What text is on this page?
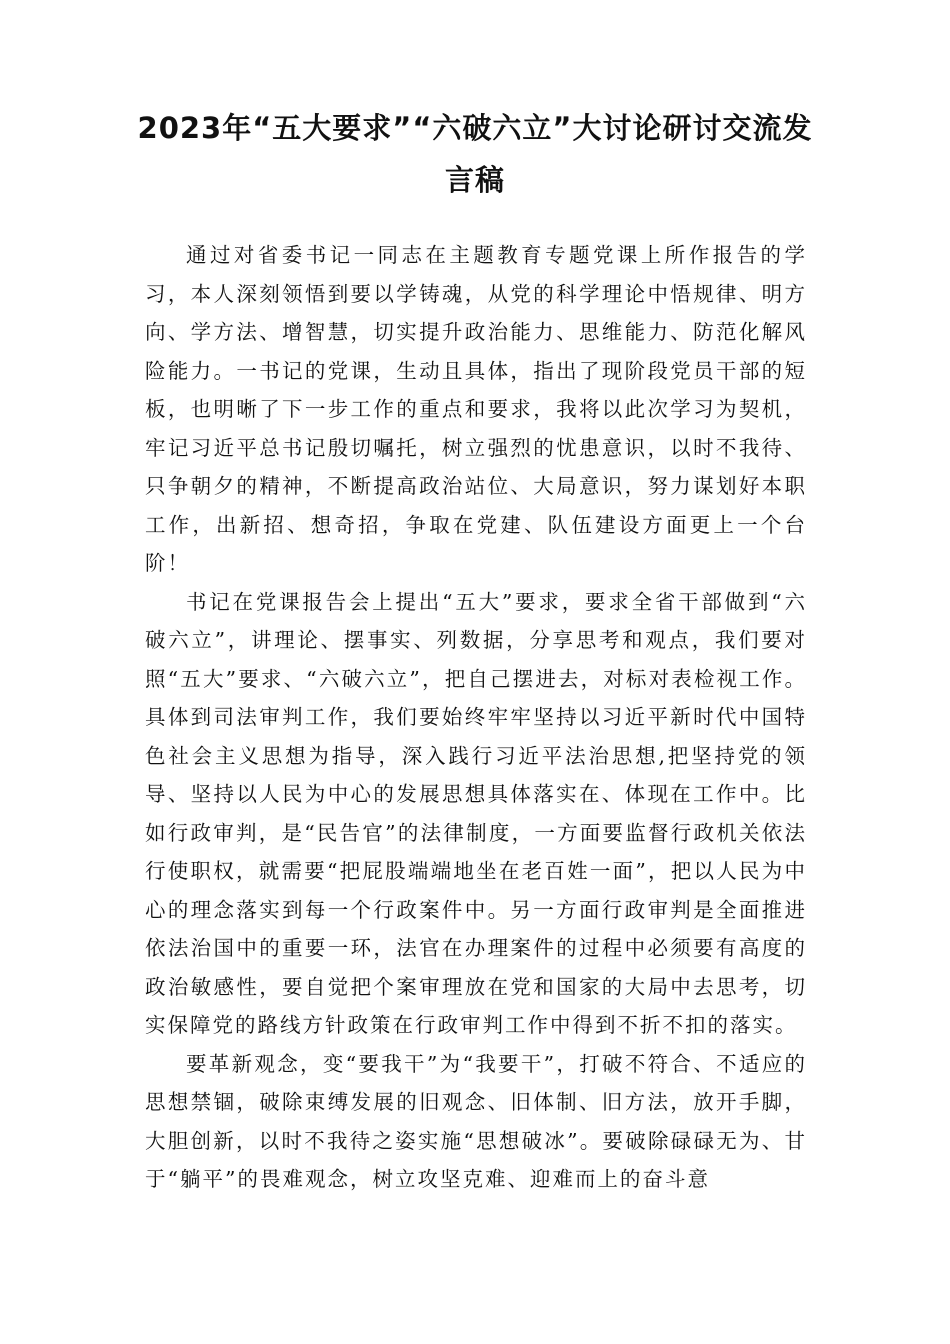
2023年“五大要求”“六破六立”大讨论研讨交流发
言稿

通过对省委书记一同志在主题教育专题党课上所作报告的学习，本人深刻领悟到要以学铸魂，从党的科学理论中悟规律、明方向、学方法、增智慧，切实提升政治能力、思维能力、防范化解风险能力。一书记的党课，生动且具体，指出了现阶段党员干部的短板，也明晰了下一步工作的重点和要求，我将以此次学习为契机，牢记习近平总书记殷切嘱托，树立强烈的忧患意识，以时不我待、只争朝夕的精神，不断提高政治站位、大局意识，努力谋划好本职工作，出新招、想奇招，争取在党建、队伍建设方面更上一个台阶！

书记在党课报告会上提出“五大”要求，要求全省干部做到“六破六立”，讲理论、摆事实、列数据，分享思考和观点，我们要对照“五大”要求、“六破六立”，把自己摆进去，对标对表检视工作。具体到司法审判工作，我们要始终牢牢坚持以习近平新时代中国特色社会主义思想为指导，深入践行习近平法治思想,把坚持党的领导、坚持以人民为中心的发展思想具体落实在、体现在工作中。比如行政审判，是“民告官”的法律制度，一方面要监督行政机关依法行使职权，就需要“把屁股端端地坐在老百姓一面”，把以人民为中心的理念落实到每一个行政案件中。另一方面行政审判是全面推进依法治国中的重要一环，法官在办理案件的过程中必须要有高度的政治敏感性，要自觉把个案审理放在党和国家的大局中去思考，切实保障党的路线方针政策在行政审判工作中得到不折不扣的落实。

要革新观念，变“要我干”为“我要干”，打破不符合、不适应的思想禁锢，破除束缚发展的旧观念、旧体制、旧方法，放开手脚，大胆创新，以时不我待之姿实施“思想破冰”。要破除碌碌无为、甘于“躺平”的畏难观念，树立攻坚克难、迎难而上的奋斗意
